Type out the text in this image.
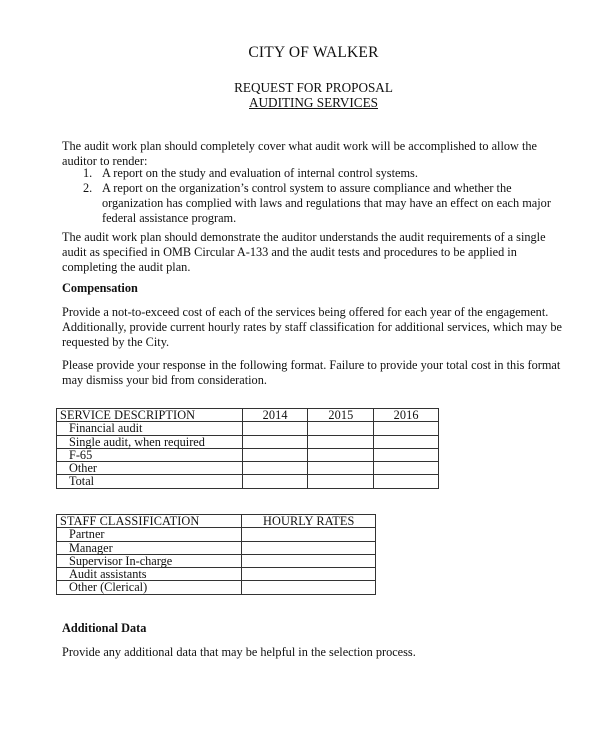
CITY OF WALKER
REQUEST FOR PROPOSAL
AUDITING SERVICES

The audit work plan should completely cover what audit work will be accomplished to allow the auditor to render:

1. A report on the study and evaluation of internal control systems.
2. A report on the organization’s control system to assure compliance and whether the organization has complied with laws and regulations that may have an effect on each major federal assistance program.

The audit work plan should demonstrate the auditor understands the audit requirements of a single audit as specified in OMB Circular A-133 and the audit tests and procedures to be applied in completing the audit plan.

Compensation

Provide a not-to-exceed cost of each of the services being offered for each year of the engagement. Additionally, provide current hourly rates by staff classification for additional services, which may be requested by the City.

Please provide your response in the following format. Failure to provide your total cost in this format may dismiss your bid from consideration.

SERVICE DESCRIPTION	2014	2015	2016
Financial audit			
Single audit, when required			
F-65			
Other			
Total			
STAFF CLASSIFICATION	HOURLY RATES
Partner	
Manager	
Supervisor In-charge	
Audit assistants	
Other (Clerical)	

Additional Data

Provide any additional data that may be helpful in the selection process.
